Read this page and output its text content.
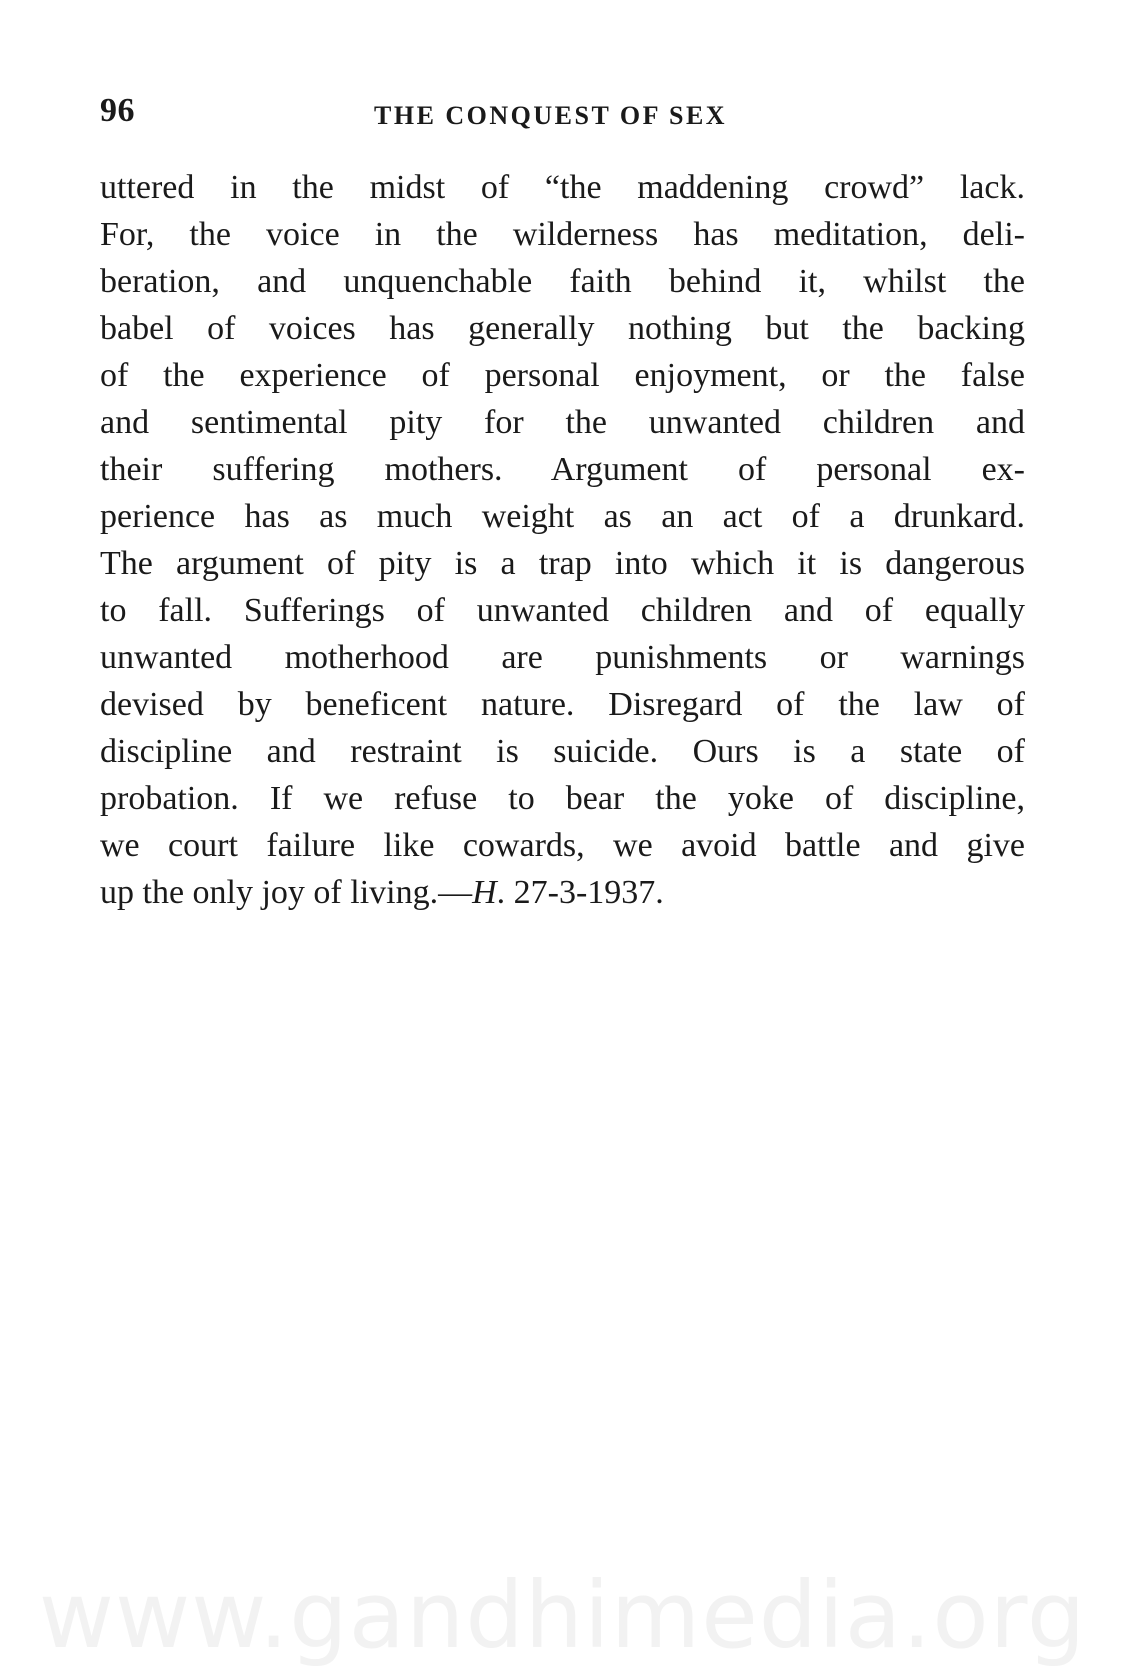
96	THE CONQUEST OF SEX
uttered in the midst of “the maddening crowd” lack.
For, the voice in the wilderness has meditation, deli-
beration, and unquenchable faith behind it, whilst the
babel of voices has generally nothing but the backing
of the experience of personal enjoyment, or the false
and sentimental pity for the unwanted children and
their suffering mothers. Argument of personal ex-
perience has as much weight as an act of a drunkard.
The argument of pity is a trap into which it is dangerous
to fall. Sufferings of unwanted children and of equally
unwanted motherhood are punishments or warnings
devised by beneficent nature. Disregard of the law of
discipline and restraint is suicide. Ours is a state of
probation. If we refuse to bear the yoke of discipline,
we court failure like cowards, we avoid battle and give
up the only joy of living.—H. 27-3-1937.
www.gandhimedia.org
